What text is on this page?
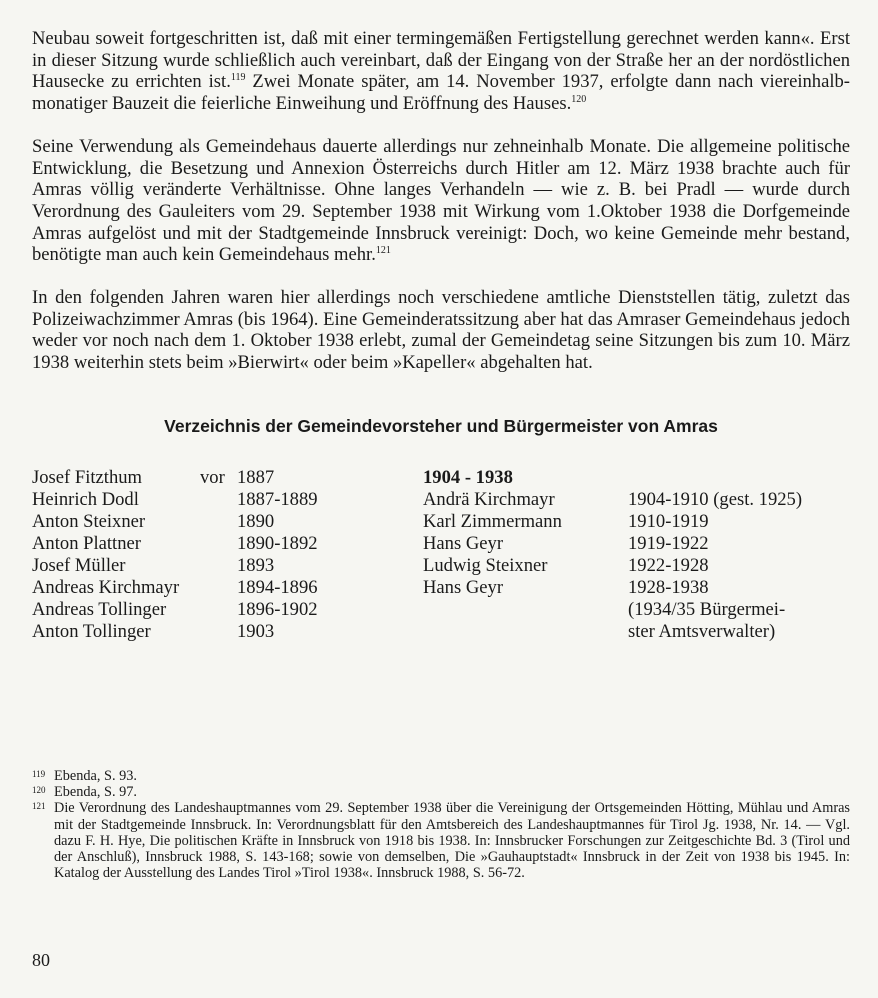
Neubau soweit fortgeschritten ist, daß mit einer termingemäßen Fertigstellung gerechnet werden kann«. Erst in dieser Sitzung wurde schließlich auch vereinbart, daß der Eingang von der Straße her an der nordöstlichen Hausecke zu errichten ist.$^{119}$ Zwei Monate später, am 14. November 1937, erfolgte dann nach viereinhalb-monatiger Bauzeit die feierliche Einweihung und Eröffnung des Hauses.$^{120}$

Seine Verwendung als Gemeindehaus dauerte allerdings nur zehneinhalb Monate. Die allgemeine politische Entwicklung, die Besetzung und Annexion Österreichs durch Hitler am 12. März 1938 brachte auch für Amras völlig veränderte Verhältnisse. Ohne langes Verhandeln — wie z. B. bei Pradl — wurde durch Verordnung des Gauleiters vom 29. September 1938 mit Wirkung vom 1.Oktober 1938 die Dorfgemeinde Amras aufgelöst und mit der Stadtgemeinde Innsbruck vereinigt: Doch, wo keine Gemeinde mehr bestand, benötigte man auch kein Gemeindehaus mehr.$^{121}$

In den folgenden Jahren waren hier allerdings noch verschiedene amtliche Dienststellen tätig, zuletzt das Polizeiwachzimmer Amras (bis 1964). Eine Gemeinderatssitzung aber hat das Amraser Gemeindehaus jedoch weder vor noch nach dem 1. Oktober 1938 erlebt, zumal der Gemeindetag seine Sitzungen bis zum 10. März 1938 weiterhin stets beim »Bierwirt« oder beim »Kapeller« abgehalten hat.

Verzeichnis der Gemeindevorsteher und Bürgermeister von Amras
Josef Fitzthum	vor 1887
Heinrich Dodl	1887-1889
Anton Steixner	1890
Anton Plattner	1890-1892
Josef Müller	1893
Andreas Kirchmayr	1894-1896
Andreas Tollinger	1896-1902
Anton Tollinger	1903
1904 - 1938
Andrä Kirchmayr	1904-1910 (gest. 1925)
Karl Zimmermann	1910-1919
Hans Geyr	1919-1922
Ludwig Steixner	1922-1928
Hans Geyr	1928-1938
(1934/35 Bürgermei-
ster Amtsverwalter)
119 Ebenda, S. 93.
120 Ebenda, S. 97.
121 Die Verordnung des Landeshauptmannes vom 29. September 1938 über die Vereinigung der Ortsgemeinden Hötting, Mühlau und Amras mit der Stadtgemeinde Innsbruck. In: Verordnungsblatt für den Amtsbereich des Landeshauptmannes für Tirol Jg. 1938, Nr. 14. — Vgl. dazu F. H. Hye, Die politischen Kräfte in Innsbruck von 1918 bis 1938. In: Innsbrucker Forschungen zur Zeitgeschichte Bd. 3 (Tirol und der Anschluß), Innsbruck 1988, S. 143-168; sowie von demselben, Die »Gauhauptstadt« Innsbruck in der Zeit von 1938 bis 1945. In: Katalog der Ausstellung des Landes Tirol »Tirol 1938«. Innsbruck 1988, S. 56-72.
80
